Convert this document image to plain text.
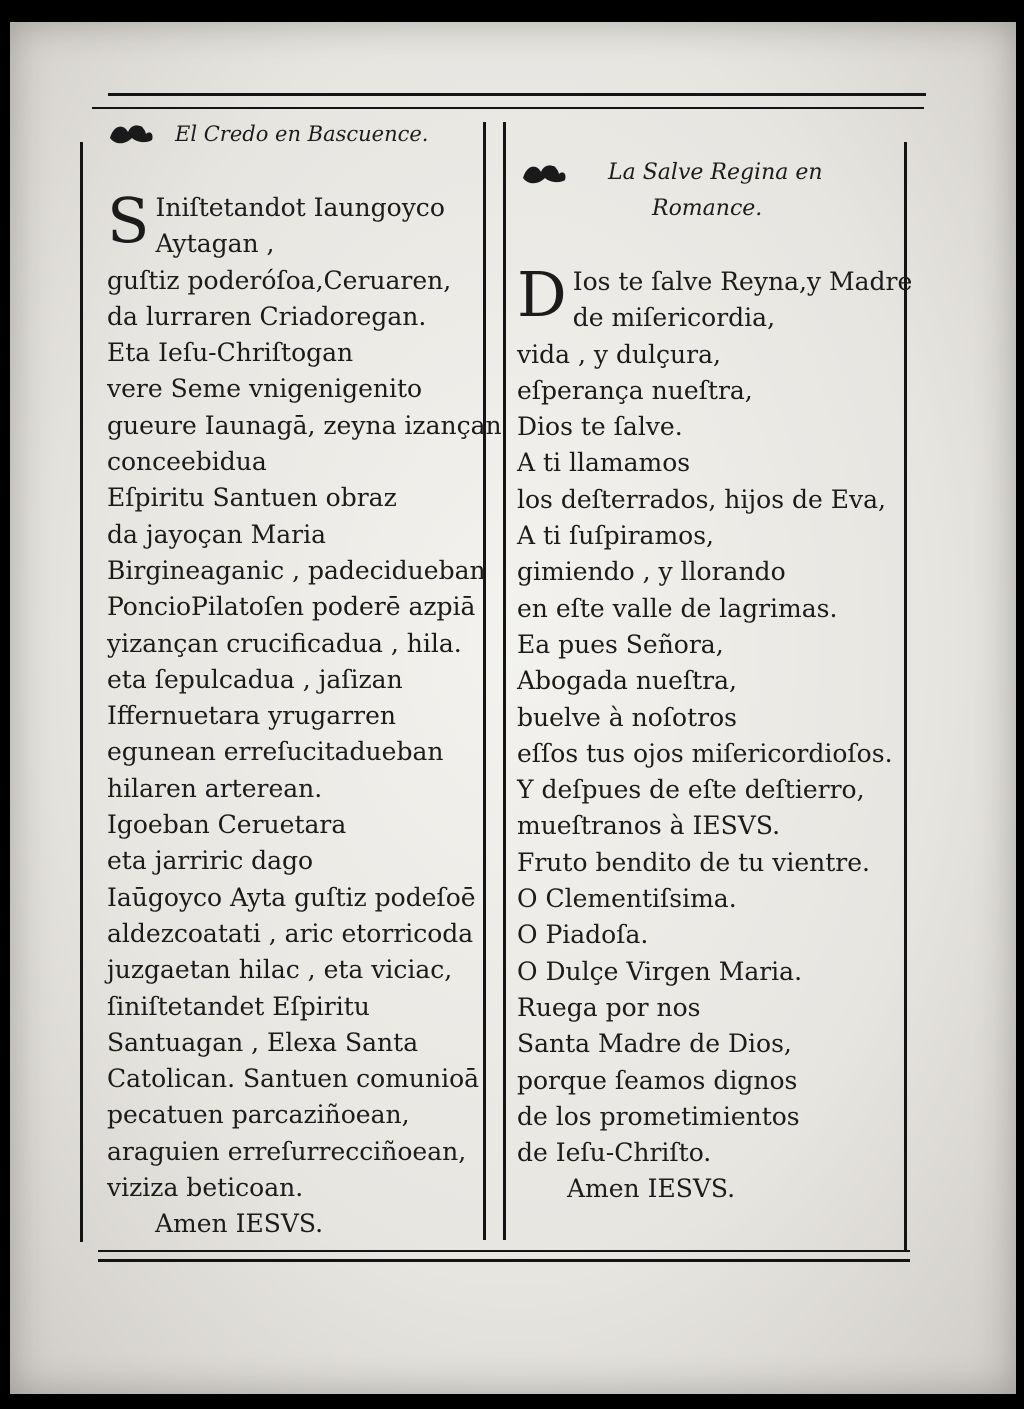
El Credo en Bascuence.
S Iniſtetandot Iaungoyco
Aytagan ,
guſtiz poderóſoa,Ceruaren,
da lurraren Criadoregan.
Eta Ieſu-Chriſtogan
vere Seme vnigenigenito
gueure Iaunagā, zeyna izançan
conceebidua
Eſpiritu Santuen obraz
da jayoçan Maria
Birgineaganic , padecidueban
PoncioPilatoſen poderē azpiā
yizançan crucificadua , hila.
eta ſepulcadua , jaſizan
Iffernuetara yrugarren
egunean erreſucitadueban
hilaren arterean.
Igoeban Ceruetara
eta jarriric dago
Iaūgoyco Ayta guſtiz podeſoē
aldezcoatati , aric etorricoda
juzgaetan hilac , eta viciac,
ſiniſtetandet Eſpiritu
Santuagan , Elexa Santa
Catolican. Santuen comunioā
pecatuen parcaziñoean,
araguien erreſurrecciñoean,
viziza beticoan.
Amen IESVS.
La Salve Regina en
Romance.
D Ios te ſalve Reyna,y Madre
de miſericordia,
vida , y dulçura,
eſperança nueſtra,
Dios te ſalve.
A ti llamamos
los deſterrados, hijos de Eva,
A ti ſuſpiramos,
gimiendo , y llorando
en eſte valle de lagrimas.
Ea pues Señora,
Abogada nueſtra,
buelve à noſotros
eſſos tus ojos miſericordioſos.
Y deſpues de eſte deſtierro,
mueſtranos à IESVS.
Fruto bendito de tu vientre.
O Clementiſsima.
O Piadoſa.
O Dulçe Virgen Maria.
Ruega por nos
Santa Madre de Dios,
porque ſeamos dignos
de los prometimientos
de Ieſu-Chriſto.
Amen IESVS.
